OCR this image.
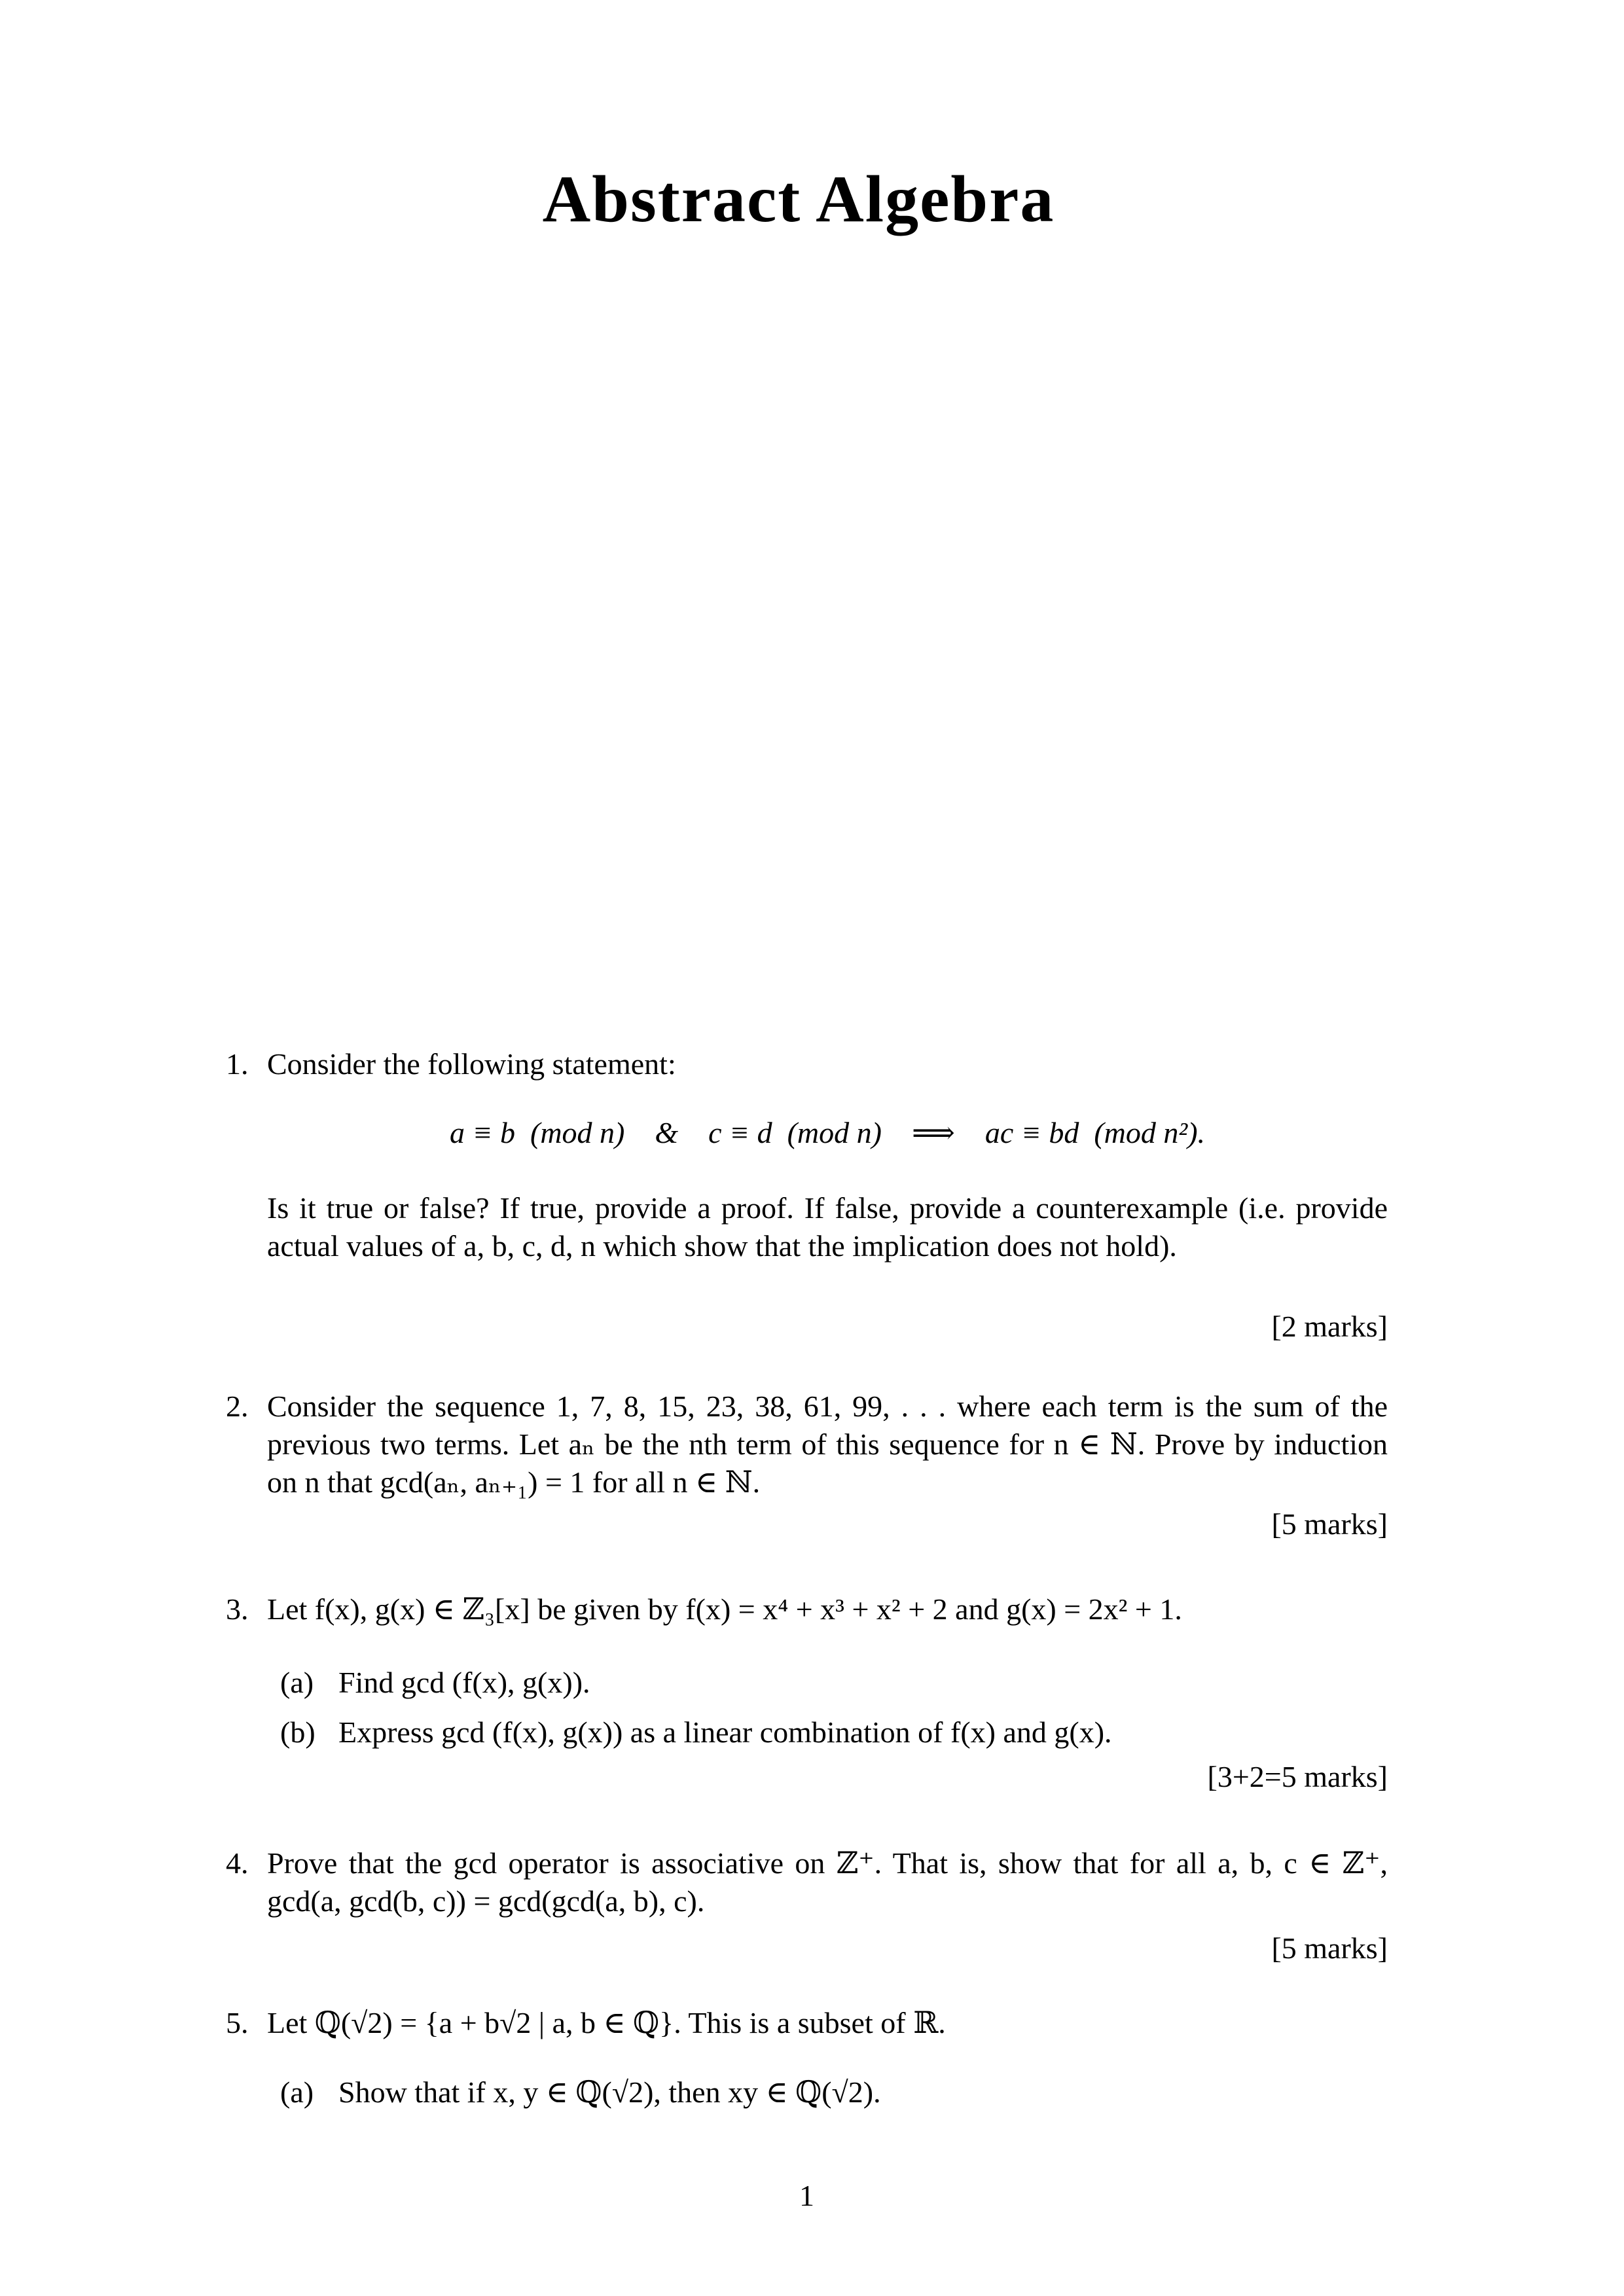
Abstract Algebra
1. Consider the following statement:
a ≡ b (mod n) & c ≡ d (mod n) ⟹ ac ≡ bd (mod n²).
Is it true or false? If true, provide a proof. If false, provide a counterexample (i.e. provide actual values of a, b, c, d, n which show that the implication does not hold).
[2 marks]
2. Consider the sequence 1, 7, 8, 15, 23, 38, 61, 99, . . . where each term is the sum of the previous two terms. Let aₙ be the nth term of this sequence for n ∈ ℕ. Prove by induction on n that gcd(aₙ, aₙ₊₁) = 1 for all n ∈ ℕ.
[5 marks]
3. Let f(x), g(x) ∈ ℤ₃[x] be given by f(x) = x⁴ + x³ + x² + 2 and g(x) = 2x² + 1.
(a) Find gcd (f(x), g(x)).
(b) Express gcd (f(x), g(x)) as a linear combination of f(x) and g(x).
[3+2=5 marks]
4. Prove that the gcd operator is associative on ℤ⁺. That is, show that for all a, b, c ∈ ℤ⁺, gcd(a, gcd(b, c)) = gcd(gcd(a, b), c).
[5 marks]
5. Let ℚ(√2) = {a + b√2 | a, b ∈ ℚ}. This is a subset of ℝ.
(a) Show that if x, y ∈ ℚ(√2), then xy ∈ ℚ(√2).
1
